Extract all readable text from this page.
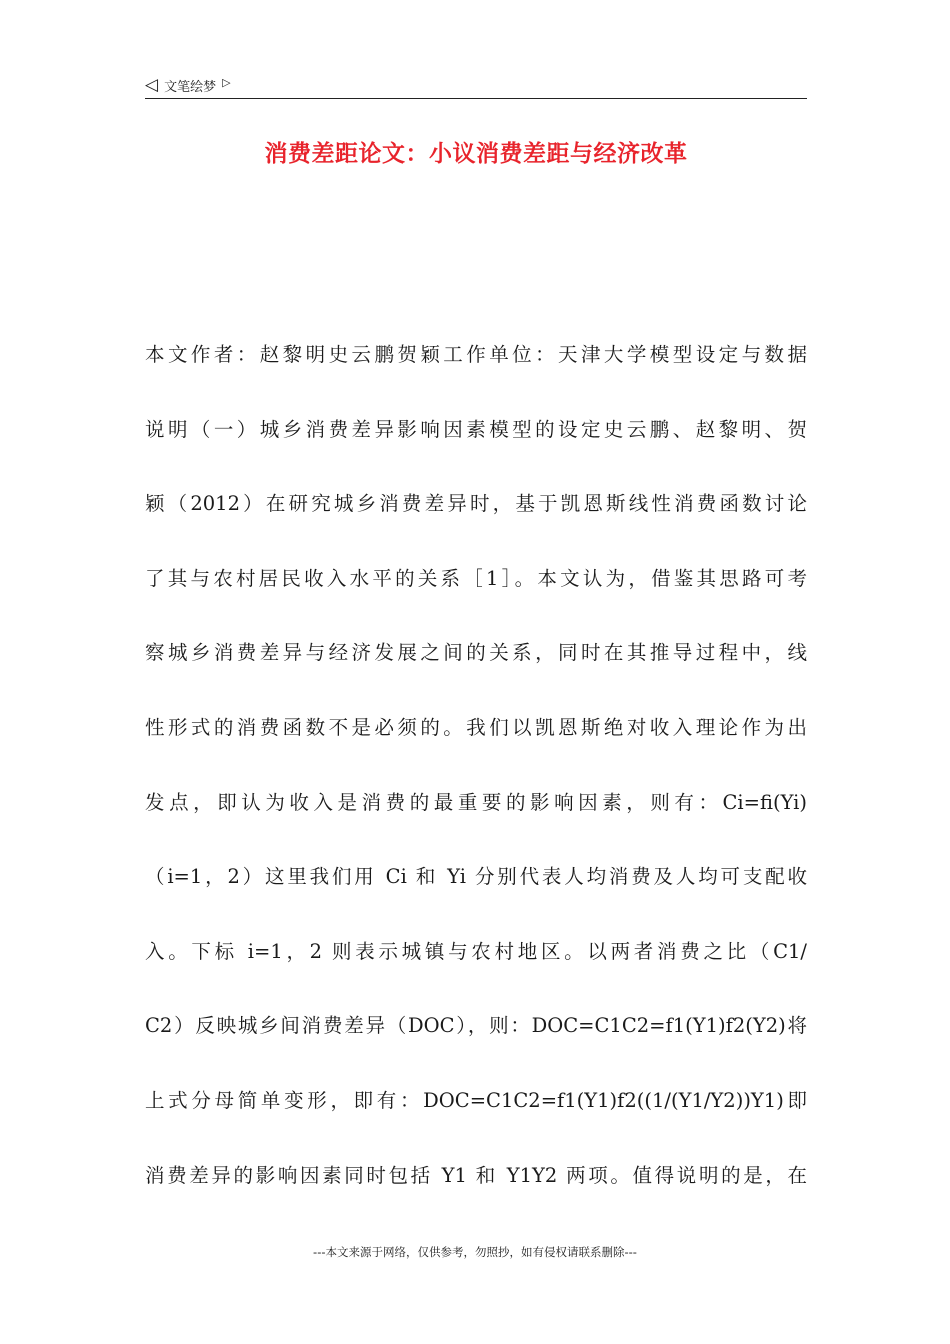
◁ 文笔绘梦 ▷
消费差距论文：小议消费差距与经济改革
本文作者：赵黎明史云鹏贺颖工作单位：天津大学模型设定与数据
说明（一）城乡消费差异影响因素模型的设定史云鹏、赵黎明、贺
颖（2012）在研究城乡消费差异时，基于凯恩斯线性消费函数讨论
了其与农村居民收入水平的关系［1］。本文认为，借鉴其思路可考
察城乡消费差异与经济发展之间的关系，同时在其推导过程中，线
性形式的消费函数不是必须的。我们以凯恩斯绝对收入理论作为出
发点，即认为收入是消费的最重要的影响因素，则有：Ci=fi(Yi)
（i=1，2）这里我们用 Ci 和 Yi 分别代表人均消费及人均可支配收
入。下标 i=1，2 则表示城镇与农村地区。以两者消费之比（C1/
C2）反映城乡间消费差异（DOC），则：DOC=C1C2=f1(Y1)f2(Y2)将
上式分母简单变形，即有：DOC=C1C2=f1(Y1)f2((1/(Y1/Y2))Y1)即
消费差异的影响因素同时包括 Y1 和 Y1Y2 两项。值得说明的是，在
---本文来源于网络，仅供参考，勿照抄，如有侵权请联系删除---
